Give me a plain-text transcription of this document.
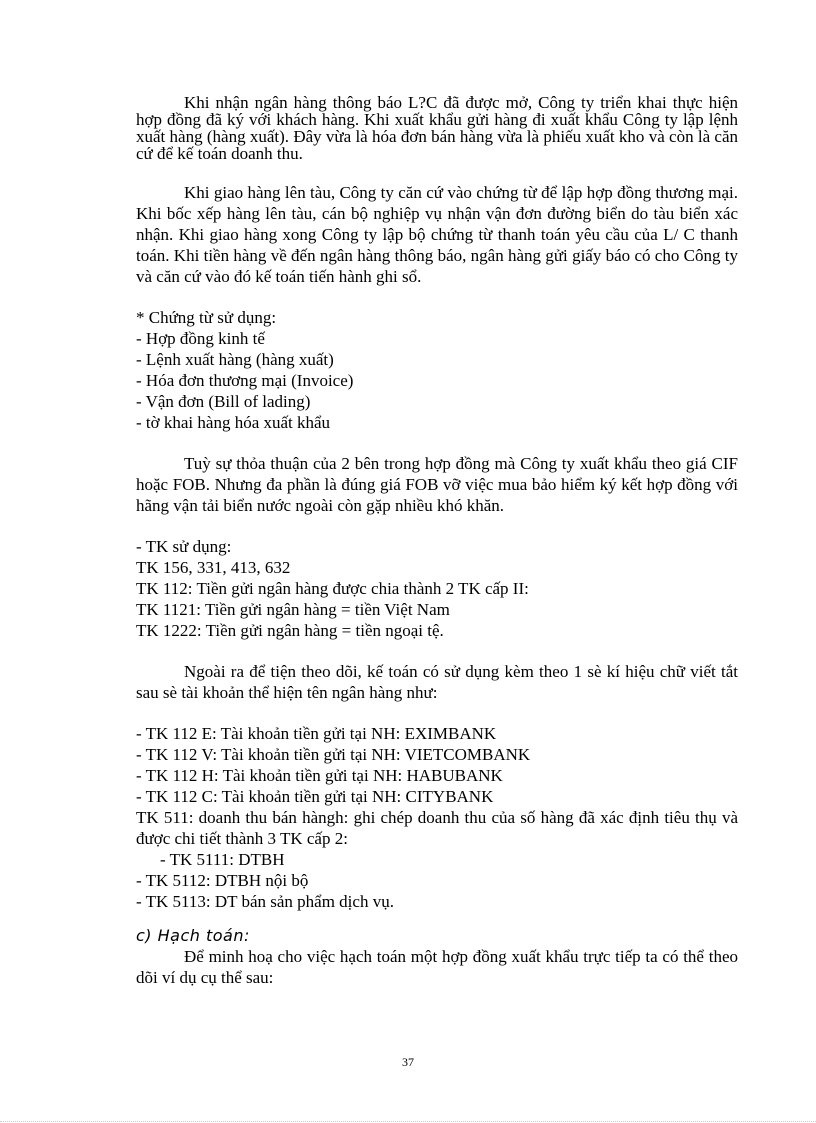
Khi nhận ngân hàng thông báo L?C đã được mở, Công ty triển khai thực hiện hợp đồng đã ký với khách hàng. Khi xuất khẩu gửi hàng đi xuất khẩu Công ty lập lệnh xuất hàng (hàng xuất). Đây vừa là hóa đơn bán hàng vừa là phiếu xuất kho và còn là căn cứ để kế toán doanh thu.

Khi giao hàng lên tàu, Công ty căn cứ vào chứng từ để lập hợp đồng thương mại. Khi bốc xếp hàng lên tàu, cán bộ nghiệp vụ nhận vận đơn đường biển do tàu biển xác nhận. Khi giao hàng xong Công ty lập bộ chứng từ thanh toán yêu cầu của L/ C thanh toán. Khi tiền hàng về đến ngân hàng thông báo, ngân hàng gửi giấy báo có cho Công ty và căn cứ vào đó kế toán tiến hành ghi sổ.

* Chứng từ sử dụng:

- Hợp đồng kinh tế

- Lệnh xuất hàng (hàng xuất)

- Hóa đơn thương mại (Invoice)

- Vận đơn (Bill of lading)

- tờ khai hàng hóa xuất khẩu

Tuỳ sự thỏa thuận của 2 bên trong hợp đồng mà Công ty xuất khẩu theo giá CIF hoặc FOB. Nhưng đa phần là đúng giá FOB vỡ việc mua bảo hiểm ký kết hợp đồng với hãng vận tải biển nước ngoài còn gặp nhiều khó khăn.

- TK sử dụng:

TK 156, 331, 413, 632

TK 112: Tiền gửi ngân hàng được chia thành 2 TK cấp II:

TK 1121: Tiền gửi ngân hàng = tiền Việt Nam

TK 1222: Tiền gửi ngân hàng = tiền ngoại tệ.

Ngoài ra để tiện theo dõi, kế toán có sử dụng kèm theo 1 sè kí hiệu chữ viết tắt sau sè tài khoản thể hiện tên ngân hàng như:

- TK 112 E: Tài khoản tiền gửi tại NH: EXIMBANK

- TK 112 V: Tài khoản tiền gửi tại NH: VIETCOMBANK

- TK 112 H: Tài khoản tiền gửi tại NH: HABUBANK

- TK 112 C: Tài khoản tiền gửi tại NH: CITYBANK

TK 511: doanh thu bán hàngh: ghi chép doanh thu của số hàng đã xác định tiêu thụ và được chi tiết thành 3 TK cấp 2:

- TK 5111: DTBH

- TK 5112: DTBH nội bộ

- TK 5113: DT bán sản phẩm dịch vụ.

c) Hạch toán:

Để minh hoạ cho việc hạch toán một hợp đồng xuất khẩu trực tiếp ta có thể theo dõi ví dụ cụ thể sau:

37
